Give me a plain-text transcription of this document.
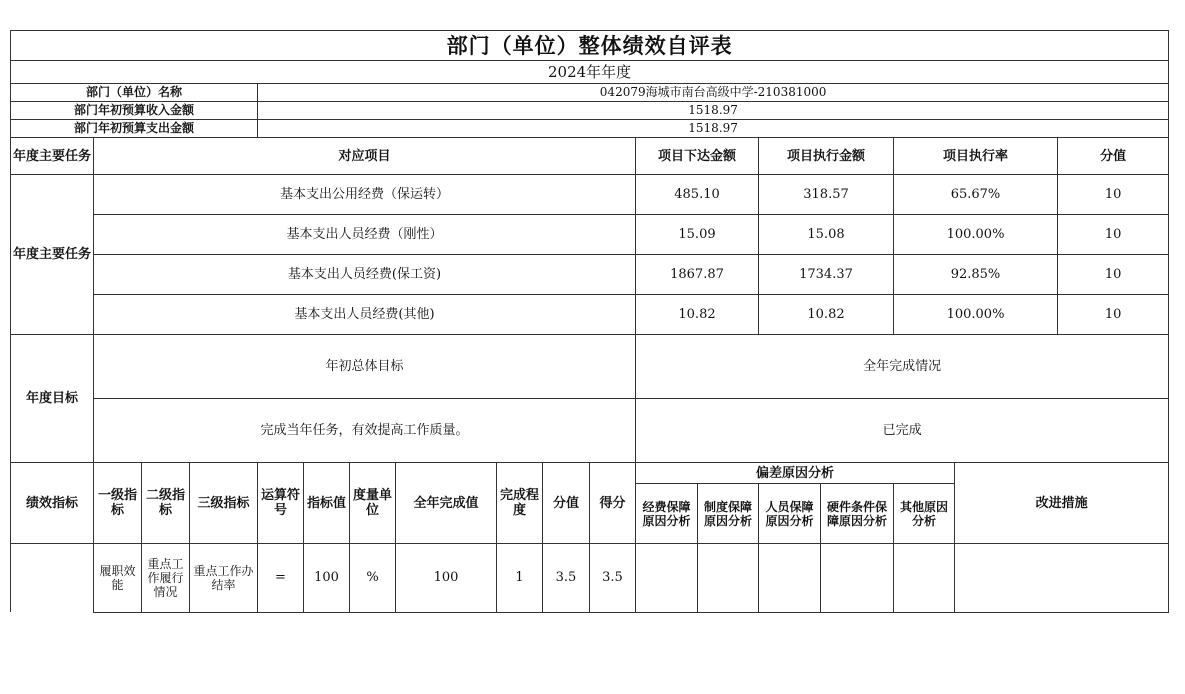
部门（单位）整体绩效自评表																		
2024年年度																		
部门（单位）名称				042079海城市南台高级中学-210381000														
部门年初预算收入金额				1518.97														
部门年初预算支出金额				1518.97														
年度主要任务	对应项目										项目下达金额		项目执行金额		项目执行率		分值	
年度主要任务	基本支出公用经费（保运转）										485.10		318.57		65.67%		10	
	基本支出人员经费（刚性）										15.09		15.08		100.00%		10	
	基本支出人员经费(保工资)										1867.87		1734.37		92.85%		10	
	基本支出人员经费(其他)										10.82		10.82		100.00%		10	
年度目标	年初总体目标										全年完成情况							
	完成当年任务，有效提高工作质量。										已完成							
绩效指标	一级指标	二级指标	三级指标	运算符号	指标值	度量单位	全年完成值	完成程度	分值	得分	偏差原因分析					改进措施		
											经费保障原因分析	制度保障原因分析	人员保障原因分析	硬件条件保障原因分析	其他原因分析			
	履职效能	重点工作履行情况	重点工作办结率	=	100	%	100	1	3.5	3.5								
